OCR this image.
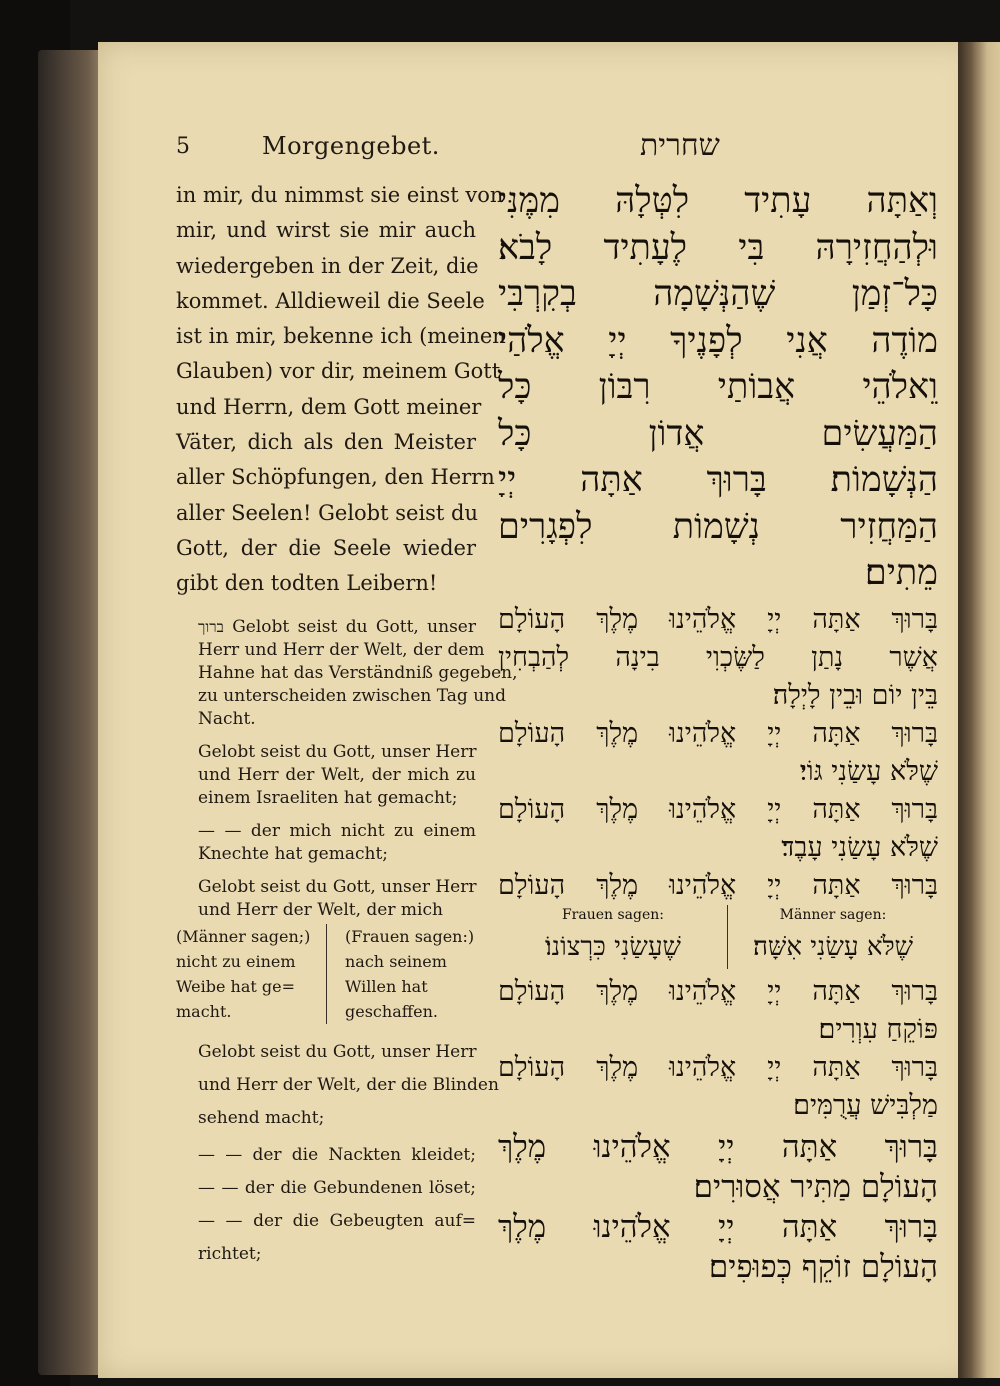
5	Morgengebet.	שחרית

in mir, du nimmst sie einst von
mir, und wirst sie mir auch
wiedergeben in der Zeit, die
kommet. Alldieweil die Seele
ist in mir, bekenne ich (meinen
Glauben) vor dir, meinem Gott
und Herrn, dem Gott meiner
Väter, dich als den Meister
aller Schöpfungen, den Herrn
aller Seelen! Gelobt seist du
Gott, der die Seele wieder
gibt den todten Leibern!

ברוך Gelobt seist du Gott, unser
Herr und Herr der Welt, der dem
Hahne hat das Verständniß gegeben,
zu unterscheiden zwischen Tag und
Nacht.

Gelobt seist du Gott, unser Herr
und Herr der Welt, der mich zu
einem Israeliten hat gemacht;

— — der mich nicht zu einem
Knechte hat gemacht;

Gelobt seist du Gott, unser Herr
und Herr der Welt, der mich

(Männer sagen;)
nicht zu einem
Weibe hat ge=
macht.
(Frauen sagen:)
nach seinem
Willen hat
geschaffen.

Gelobt seist du Gott, unser Herr
und Herr der Welt, der die Blinden
sehend macht;

— — der die Nackten kleidet;

— — der die Gebundenen löset;

— — der die Gebeugten auf=
richtet;

וְאַתָּה עָתִיד לִטְּלָהּ מִמֶּנִּי
וּלְהַחֲזִירָהּ בִּי לֶעָתִיד לָבֹא׃
כָּל־זְמַן שֶׁהַנְּשָׁמָה בְקִרְבִּי
מוֹדֶה אֲנִי לְפָנֶיךָ יְיָ אֱלֹהַי
וֵאלֹהֵי אֲבוֹתַי רִבּוֹן כָּל
הַמַּעֲשִׂים אֲדוֹן כָּל
הַנְּשָׁמוֹת׃ בָּרוּךְ אַתָּה יְיָ
הַמַּחֲזִיר נְשָׁמוֹת לִפְגָרִים
מֵתִים׃

בָּרוּךְ אַתָּה יְיָ אֱלֹהֵינוּ מֶלֶךְ הָעוֹלָם
אֲשֶׁר נָתַן לַשֶּׂכְוִי בִינָה לְהַבְחִין
בֵּין יוֹם וּבֵין לָיְלָה׃
בָּרוּךְ אַתָּה יְיָ אֱלֹהֵינוּ מֶלֶךְ הָעוֹלָם
שֶׁלֹּא עָשַׂנִי גּוֹי׃
בָּרוּךְ אַתָּה יְיָ אֱלֹהֵינוּ מֶלֶךְ הָעוֹלָם
שֶׁלֹּא עָשַׂנִי עָבֶד׃
בָּרוּךְ אַתָּה יְיָ אֱלֹהֵינוּ מֶלֶךְ הָעוֹלָם

Männer sagen:
שֶׁלֹּא עָשַׂנִי אִשָּׁה׃
Frauen sagen:
שֶׁעָשַׂנִי כִּרְצוֹנוֹ׃

בָּרוּךְ אַתָּה יְיָ אֱלֹהֵינוּ מֶלֶךְ הָעוֹלָם
פּוֹקֵחַ עִוְרִים׃
בָּרוּךְ אַתָּה יְיָ אֱלֹהֵינוּ מֶלֶךְ הָעוֹלָם
מַלְבִּישׁ עֲרֻמִּים׃

בָּרוּךְ אַתָּה יְיָ אֱלֹהֵינוּ מֶלֶךְ
הָעוֹלָם מַתִּיר אֲסוּרִים׃
בָּרוּךְ אַתָּה יְיָ אֱלֹהֵינוּ מֶלֶךְ
הָעוֹלָם זוֹקֵף כְּפוּפִים׃
